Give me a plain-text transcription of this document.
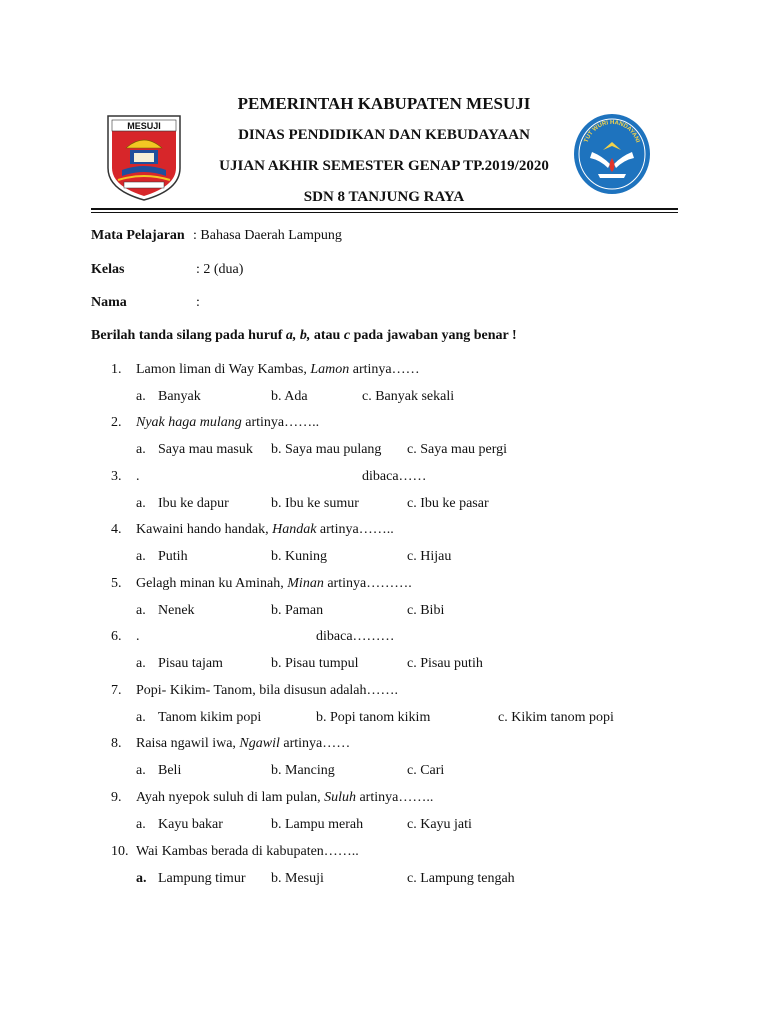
PEMERINTAH KABUPATEN MESUJI
DINAS PENDIDIKAN DAN KEBUDAYAAN
UJIAN AKHIR SEMESTER GENAP TP.2019/2020
SDN 8 TANJUNG RAYA
MESUJI
TUT WURI HANDAYANI
Mata Pelajaran : Bahasa Daerah Lampung
Kelas	: 2 (dua)
Nama	:
Berilah tanda silang pada huruf a, b, atau c pada jawaban yang benar !
1. Lamon liman di Way Kambas, Lamon artinya……
a. Banyak	b. Ada	c. Banyak sekali
2. Nyak haga mulang artinya……..
a. Saya mau masuk b. Saya mau pulang c. Saya mau pergi
3. .	dibaca……
a. Ibu ke dapur	b. Ibu ke sumur	c. Ibu ke pasar
4. Kawaini hando handak, Handak artinya……..
a. Putih	b. Kuning	c. Hijau
5. Gelagh minan ku Aminah, Minan artinya……….
a. Nenek	b. Paman	c. Bibi
6. .	dibaca………
a. Pisau tajam	b. Pisau tumpul	c. Pisau putih
7. Popi- Kikim- Tanom, bila disusun adalah…….
a. Tanom kikim popi	b. Popi tanom kikim	c. Kikim tanom popi
8. Raisa ngawil iwa, Ngawil artinya……
a. Beli	b. Mancing	c. Cari
9. Ayah nyepok suluh di lam pulan, Suluh artinya……..
a. Kayu bakar	b. Lampu merah	c. Kayu jati
10. Wai Kambas berada di kabupaten……..
a. Lampung timur b. Mesuji	c. Lampung tengah
